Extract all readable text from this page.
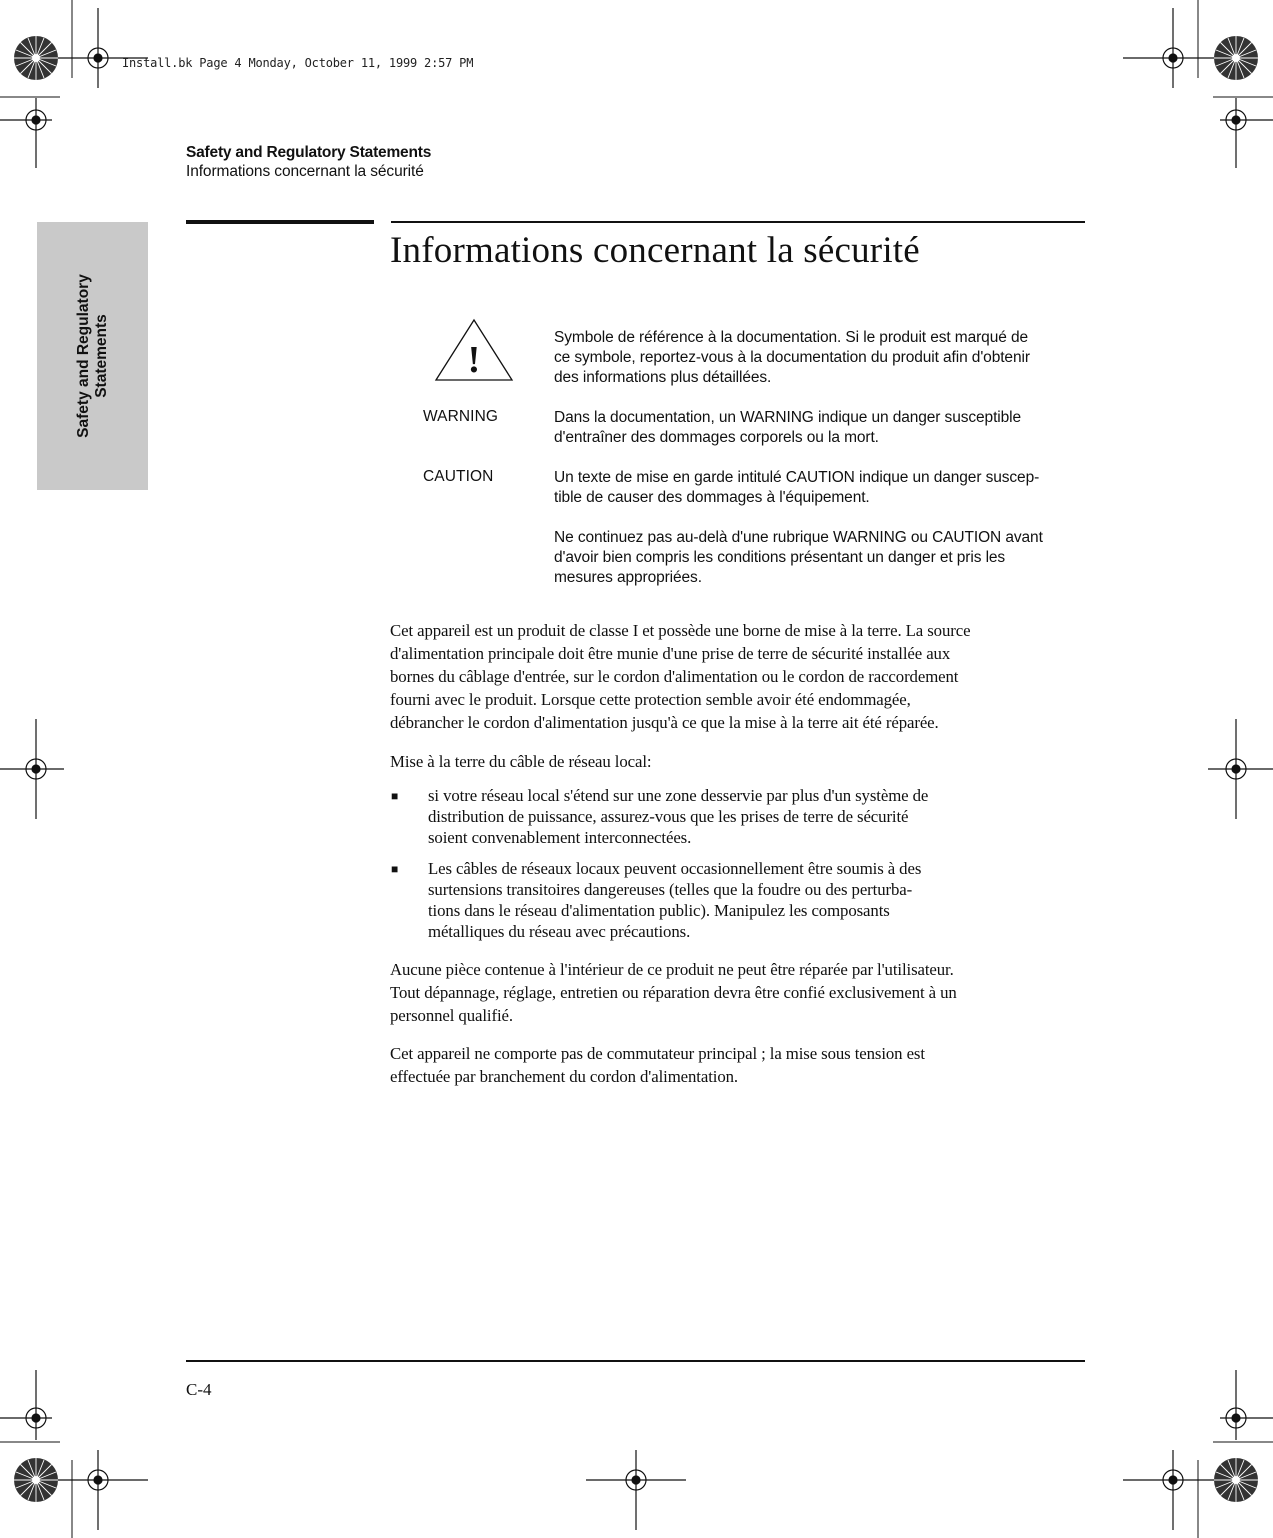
Install.bk Page 4 Monday, October 11, 1999 2:57 PM
Safety and Regulatory Statements
Informations concernant la sécurité
Safety and Regulatory Statements
Informations concernant la sécurité
!
Symbole de référence à la documentation. Si le produit est marqué de
ce symbole, reportez-vous à la documentation du produit afin d'obtenir
des informations plus détaillées.
WARNING	Dans la documentation, un WARNING indique un danger susceptible
d'entraîner des dommages corporels ou la mort.
CAUTION	Un texte de mise en garde intitulé CAUTION indique un danger suscep-
tible de causer des dommages à l'équipement.
Ne continuez pas au-delà d'une rubrique WARNING ou CAUTION avant
d'avoir bien compris les conditions présentant un danger et pris les
mesures appropriées.
Cet appareil est un produit de classe I et possède une borne de mise à la terre. La source
d'alimentation principale doit être munie d'une prise de terre de sécurité installée aux
bornes du câblage d'entrée, sur le cordon d'alimentation ou le cordon de raccordement
fourni avec le produit. Lorsque cette protection semble avoir été endommagée,
débrancher le cordon d'alimentation jusqu'à ce que la mise à la terre ait été réparée.
Mise à la terre du câble de réseau local:
■ si votre réseau local s'étend sur une zone desservie par plus d'un système de
distribution de puissance, assurez-vous que les prises de terre de sécurité
soient convenablement interconnectées.
■ Les câbles de réseaux locaux peuvent occasionnellement être soumis à des
surtensions transitoires dangereuses (telles que la foudre ou des perturba-
tions dans le réseau d'alimentation public). Manipulez les composants
métalliques du réseau avec précautions.
Aucune pièce contenue à l'intérieur de ce produit ne peut être réparée par l'utilisateur.
Tout dépannage, réglage, entretien ou réparation devra être confié exclusivement à un
personnel qualifié.
Cet appareil ne comporte pas de commutateur principal ; la mise sous tension est
effectuée par branchement du cordon d'alimentation.
C-4
